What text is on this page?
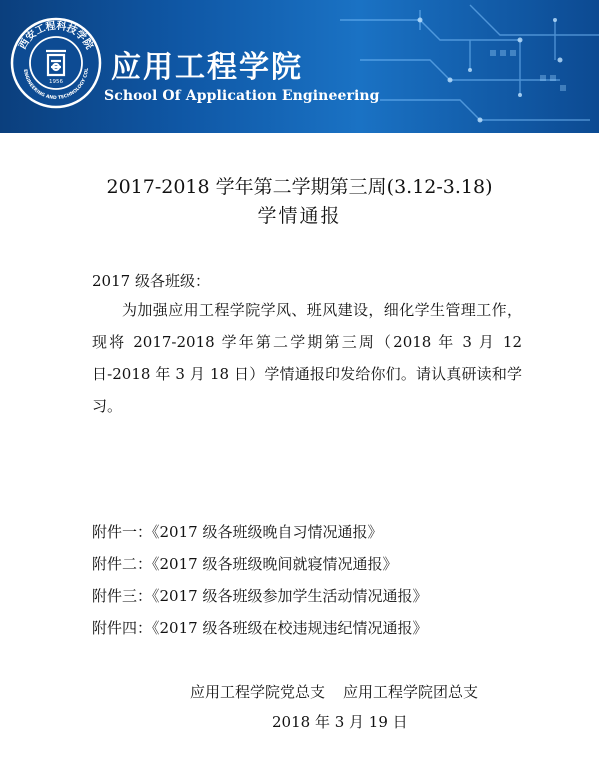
西安工程科技学院
ENGINEERING AND TECHNOLOGY COL
1956 应用工程学院
School Of Application Engineering
2017-2018 学年第二学期第三周(3.12-3.18)
学情通报
2017 级各班级：
为加强应用工程学院学风、班风建设，细化学生管理工作，现将 2017-2018 学年第二学期第三周（2018 年 3 月 12 日-2018 年 3 月 18 日）学情通报印发给你们。请认真研读和学习。
附件一：《2017 级各班级晚自习情况通报》
附件二：《2017 级各班级晚间就寝情况通报》
附件三：《2017 级各班级参加学生活动情况通报》
附件四：《2017 级各班级在校违规违纪情况通报》
应用工程学院党总支 应用工程学院团总支
2018 年 3 月 19 日
